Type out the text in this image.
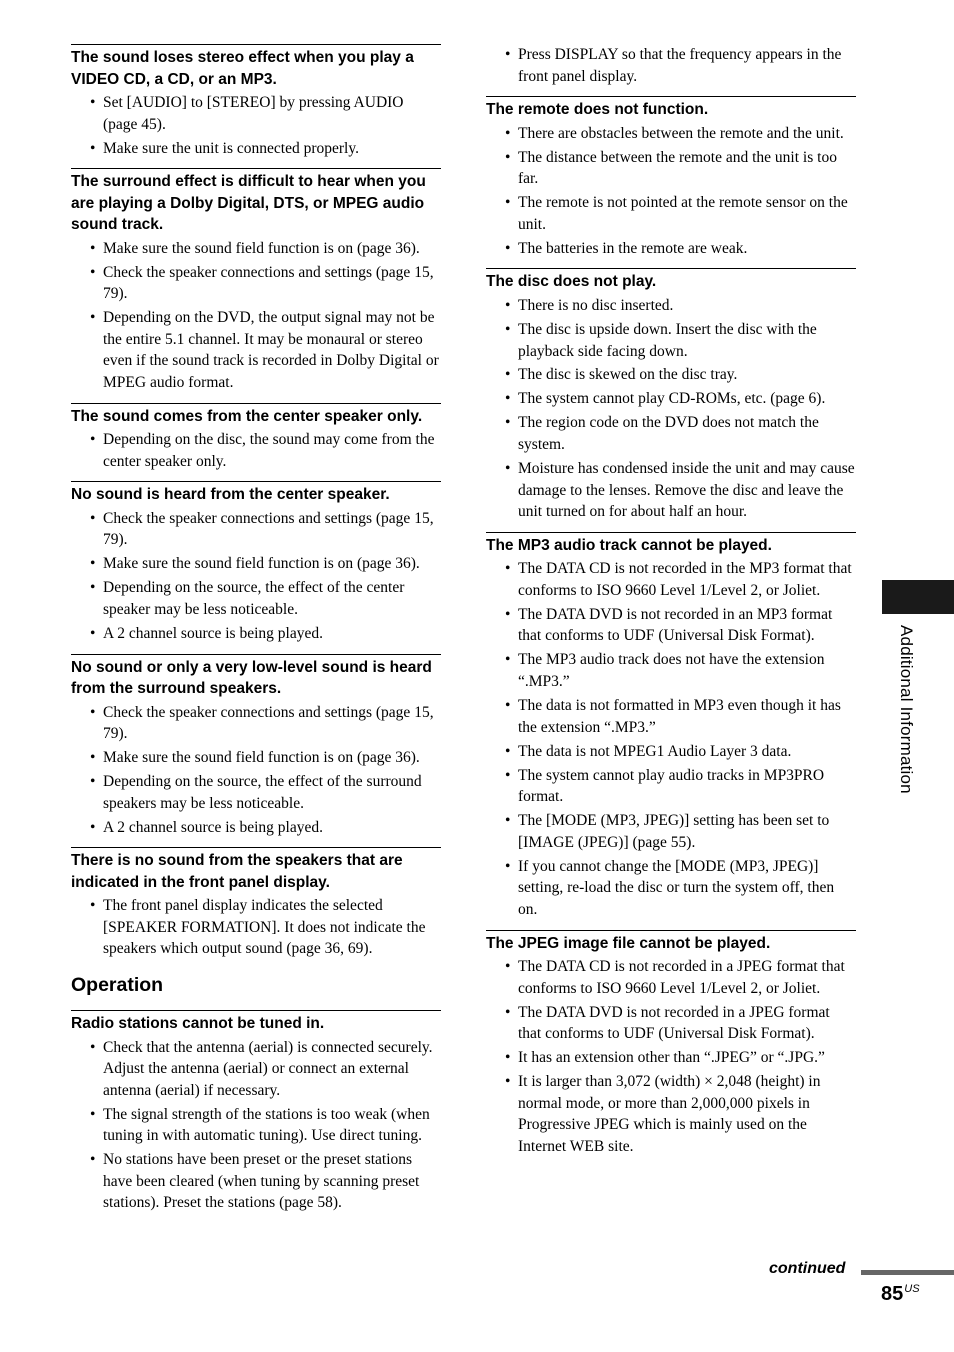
The sound loses stereo effect when you play a VIDEO CD, a CD, or an MP3.
• Set [AUDIO] to [STEREO] by pressing AUDIO (page 45).
• Make sure the unit is connected properly.
The surround effect is difficult to hear when you are playing a Dolby Digital, DTS, or MPEG audio sound track.
• Make sure the sound field function is on (page 36).
• Check the speaker connections and settings (page 15, 79).
• Depending on the DVD, the output signal may not be the entire 5.1 channel. It may be monaural or stereo even if the sound track is recorded in Dolby Digital or MPEG audio format.
The sound comes from the center speaker only.
• Depending on the disc, the sound may come from the center speaker only.
No sound is heard from the center speaker.
• Check the speaker connections and settings (page 15, 79).
• Make sure the sound field function is on (page 36).
• Depending on the source, the effect of the center speaker may be less noticeable.
• A 2 channel source is being played.
No sound or only a very low-level sound is heard from the surround speakers.
• Check the speaker connections and settings (page 15, 79).
• Make sure the sound field function is on (page 36).
• Depending on the source, the effect of the surround speakers may be less noticeable.
• A 2 channel source is being played.
There is no sound from the speakers that are indicated in the front panel display.
• The front panel display indicates the selected [SPEAKER FORMATION]. It does not indicate the speakers which output sound (page 36, 69).
Operation
Radio stations cannot be tuned in.
• Check that the antenna (aerial) is connected securely. Adjust the antenna (aerial) or connect an external antenna (aerial) if necessary.
• The signal strength of the stations is too weak (when tuning in with automatic tuning). Use direct tuning.
• No stations have been preset or the preset stations have been cleared (when tuning by scanning preset stations). Preset the stations (page 58).
• Press DISPLAY so that the frequency appears in the front panel display.
The remote does not function.
• There are obstacles between the remote and the unit.
• The distance between the remote and the unit is too far.
• The remote is not pointed at the remote sensor on the unit.
• The batteries in the remote are weak.
The disc does not play.
• There is no disc inserted.
• The disc is upside down. Insert the disc with the playback side facing down.
• The disc is skewed on the disc tray.
• The system cannot play CD-ROMs, etc. (page 6).
• The region code on the DVD does not match the system.
• Moisture has condensed inside the unit and may cause damage to the lenses. Remove the disc and leave the unit turned on for about half an hour.
The MP3 audio track cannot be played.
• The DATA CD is not recorded in the MP3 format that conforms to ISO 9660 Level 1/Level 2, or Joliet.
• The DATA DVD is not recorded in an MP3 format that conforms to UDF (Universal Disk Format).
• The MP3 audio track does not have the extension “.MP3.”
• The data is not formatted in MP3 even though it has the extension “.MP3.”
• The data is not MPEG1 Audio Layer 3 data.
• The system cannot play audio tracks in MP3PRO format.
• The [MODE (MP3, JPEG)] setting has been set to [IMAGE (JPEG)] (page 55).
• If you cannot change the [MODE (MP3, JPEG)] setting, re-load the disc or turn the system off, then on.
The JPEG image file cannot be played.
• The DATA CD is not recorded in a JPEG format that conforms to ISO 9660 Level 1/Level 2, or Joliet.
• The DATA DVD is not recorded in a JPEG format that conforms to UDF (Universal Disk Format).
• It has an extension other than “.JPEG” or “.JPG.”
• It is larger than 3,072 (width) × 2,048 (height) in normal mode, or more than 2,000,000 pixels in Progressive JPEG which is mainly used on the Internet WEB site.
Additional Information
continued
$85^{US}$
